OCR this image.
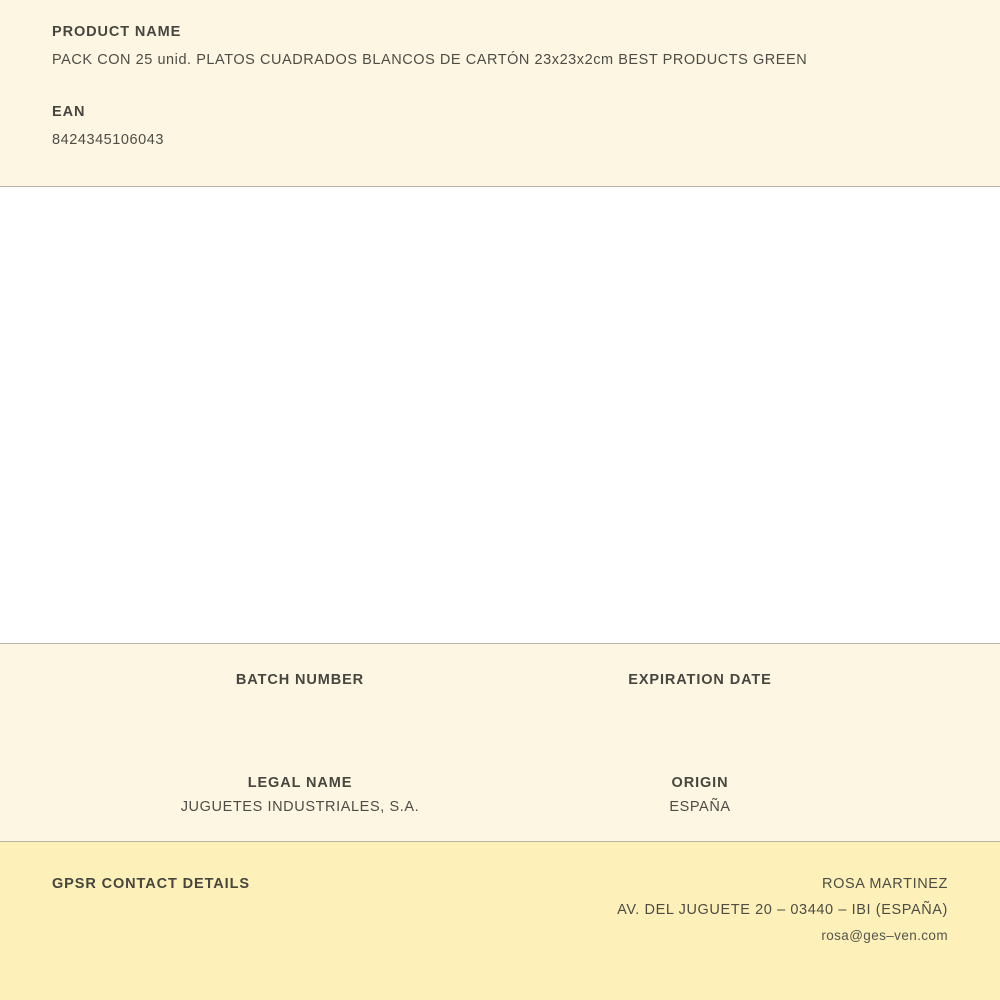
PRODUCT NAME

PACK CON 25 unid. PLATOS CUADRADOS BLANCOS DE CARTÓN 23x23x2cm BEST PRODUCTS GREEN

EAN

8424345106043

BATCH NUMBER	EXPIRATION DATE

LEGAL NAME

JUGUETES INDUSTRIALES, S.A.

ORIGIN

ESPAÑA

GPSR CONTACT DETAILS	ROSA MARTINEZ
AV. DEL JUGUETE 20 – 03440 – IBI (ESPAÑA)
rosa@ges–ven.com
